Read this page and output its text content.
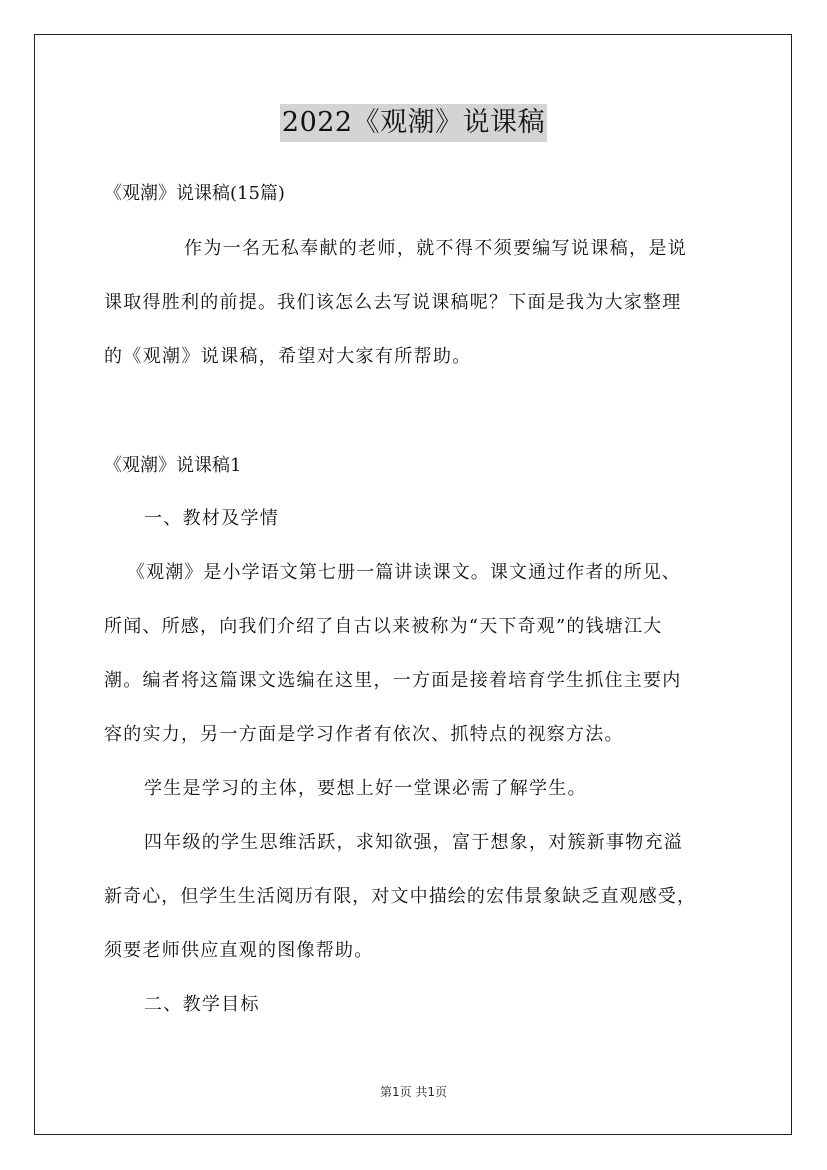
2022《观潮》说课稿
《观潮》说课稿(15篇)
作为一名无私奉献的老师，就不得不须要编写说课稿，是说
课取得胜利的前提。我们该怎么去写说课稿呢？下面是我为大家整理
的《观潮》说课稿，希望对大家有所帮助。
《观潮》说课稿1
一、教材及学情
《观潮》是小学语文第七册一篇讲读课文。课文通过作者的所见、
所闻、所感，向我们介绍了自古以来被称为“天下奇观”的钱塘江大
潮。编者将这篇课文选编在这里，一方面是接着培育学生抓住主要内
容的实力，另一方面是学习作者有依次、抓特点的视察方法。
学生是学习的主体，要想上好一堂课必需了解学生。
四年级的学生思维活跃，求知欲强，富于想象，对簇新事物充溢
新奇心，但学生生活阅历有限，对文中描绘的宏伟景象缺乏直观感受，
须要老师供应直观的图像帮助。
二、教学目标
第1页 共1页
